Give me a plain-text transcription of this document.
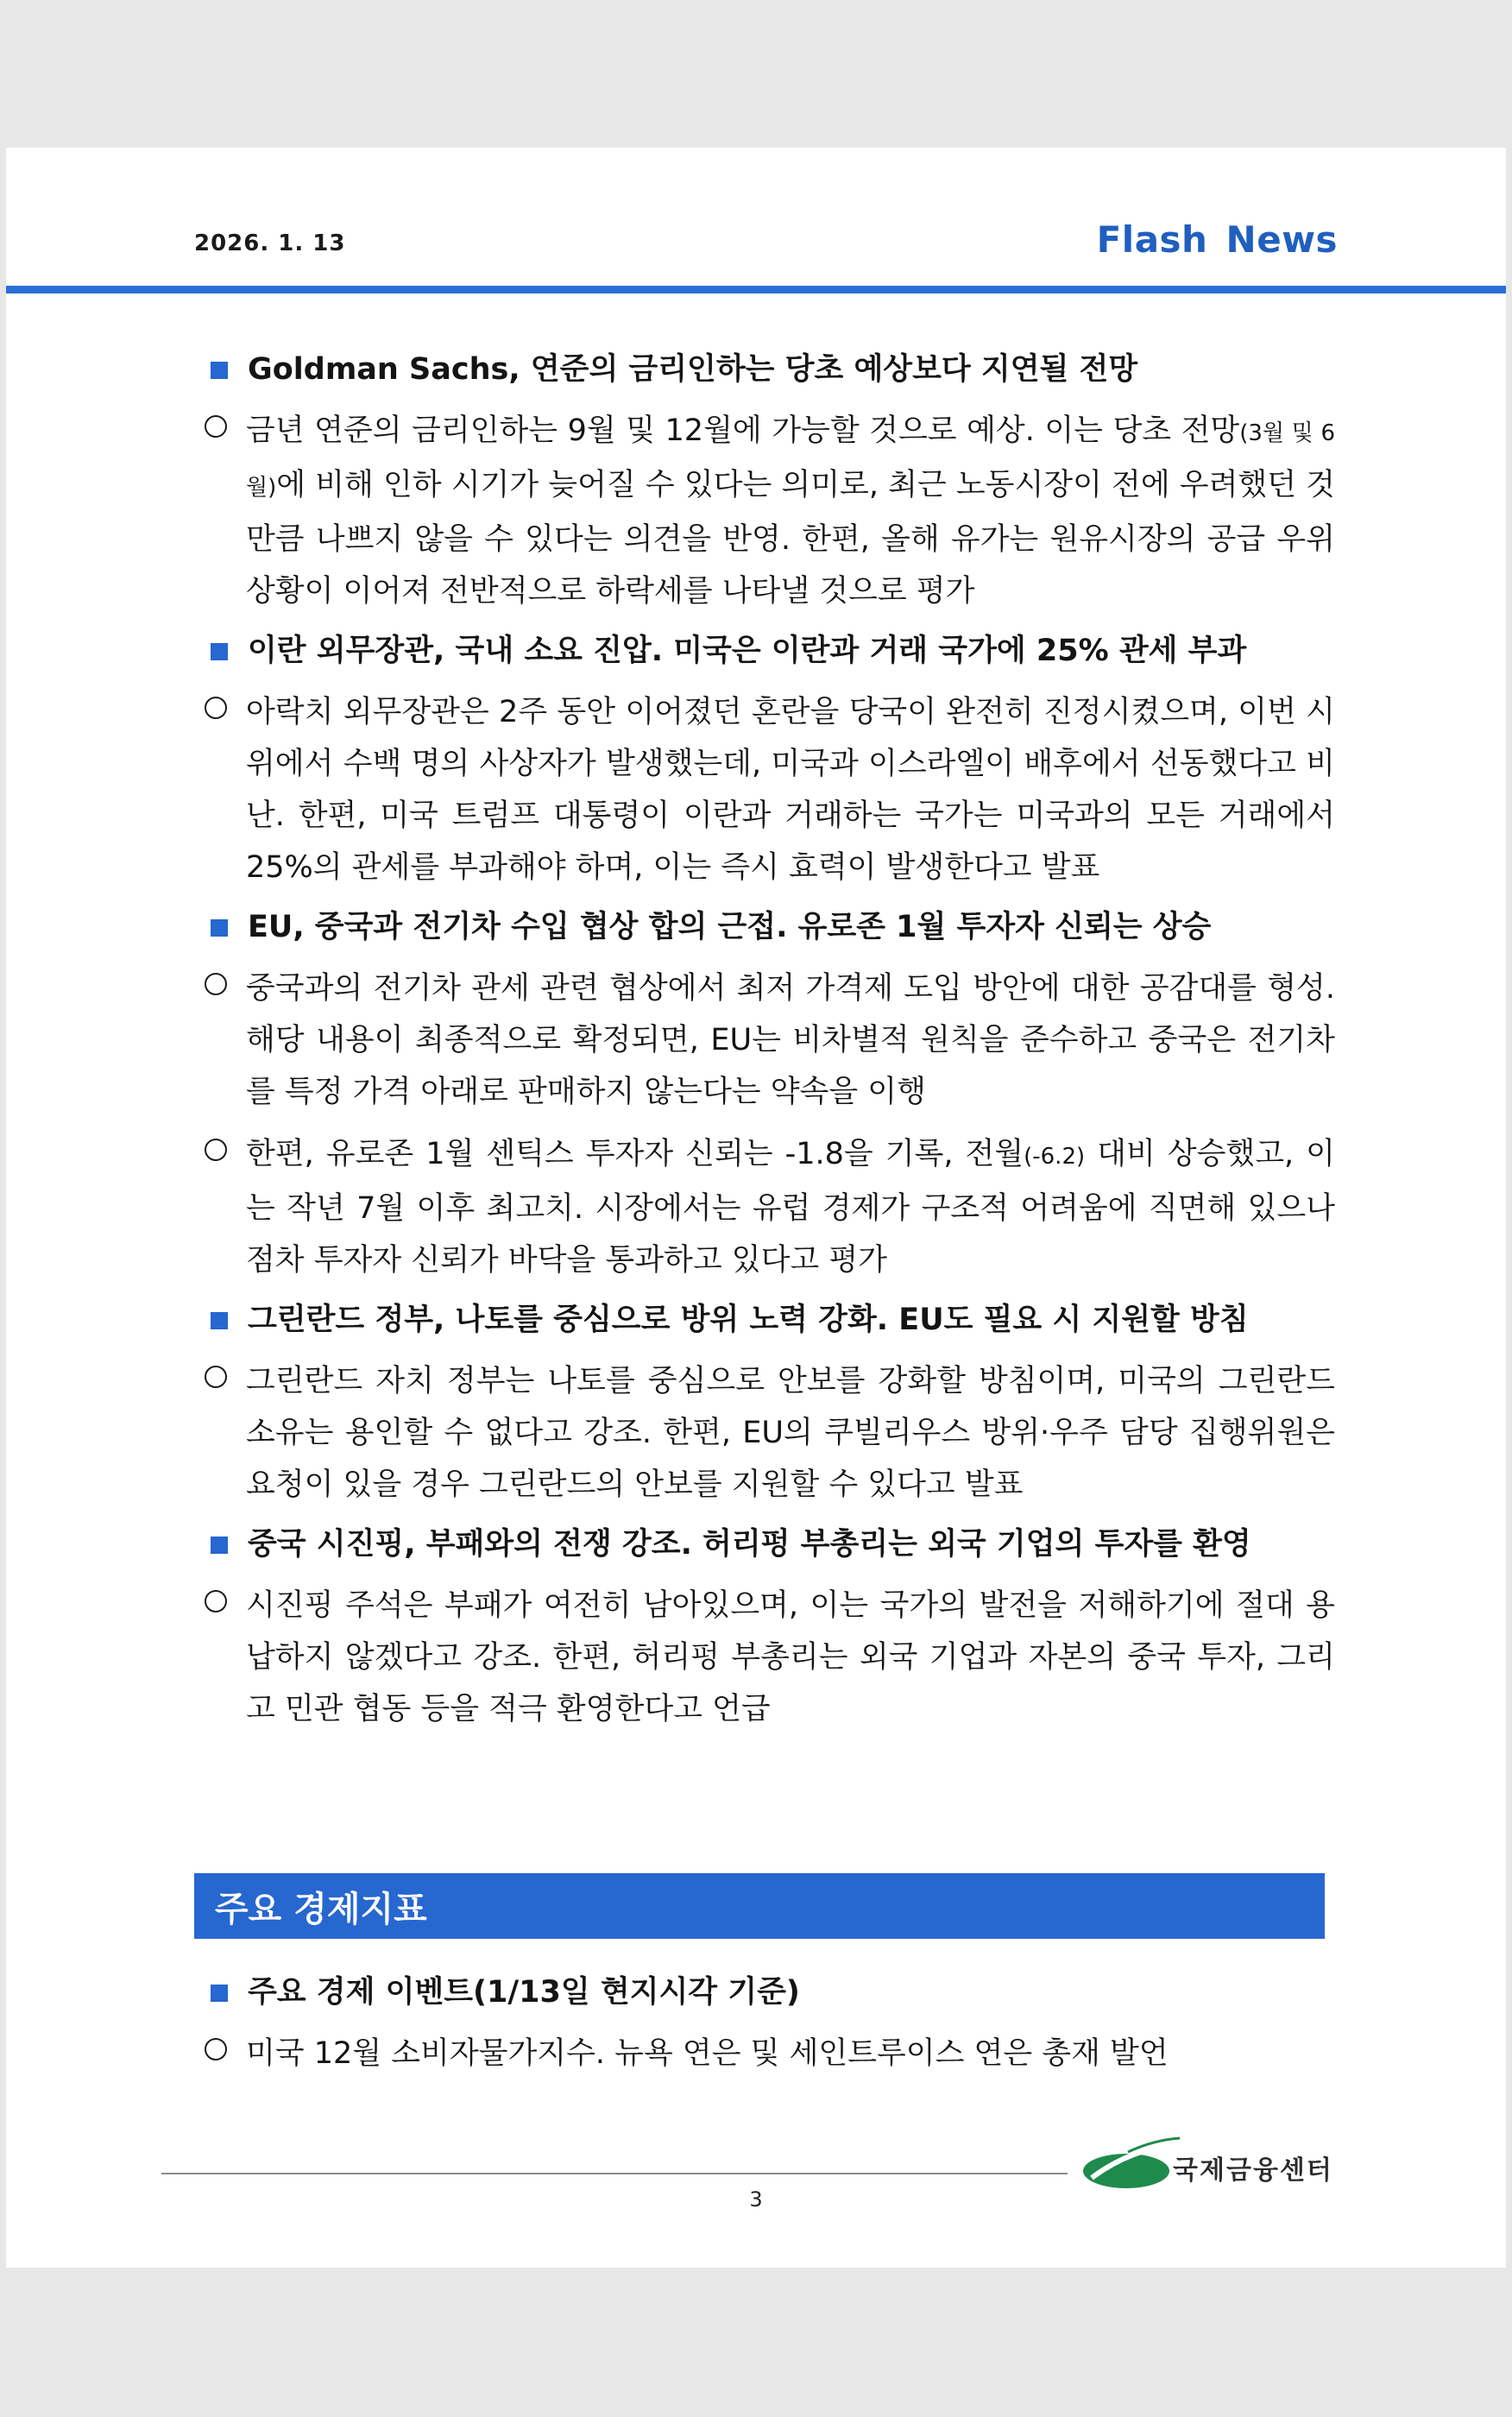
2026. 1. 13	Flash News
Goldman Sachs, 연준의 금리인하는 당초 예상보다 지연될 전망
금년 연준의 금리인하는 9월 및 12월에 가능할 것으로 예상. 이는 당초 전망(3월 및 6월)에 비해 인하 시기가 늦어질 수 있다는 의미로, 최근 노동시장이 전에 우려했던 것만큼 나쁘지 않을 수 있다는 의견을 반영. 한편, 올해 유가는 원유시장의 공급 우위 상황이 이어져 전반적으로 하락세를 나타낼 것으로 평가
이란 외무장관, 국내 소요 진압. 미국은 이란과 거래 국가에 25% 관세 부과
아락치 외무장관은 2주 동안 이어졌던 혼란을 당국이 완전히 진정시켰으며, 이번 시위에서 수백 명의 사상자가 발생했는데, 미국과 이스라엘이 배후에서 선동했다고 비난. 한편, 미국 트럼프 대통령이 이란과 거래하는 국가는 미국과의 모든 거래에서 25%의 관세를 부과해야 하며, 이는 즉시 효력이 발생한다고 발표
EU, 중국과 전기차 수입 협상 합의 근접. 유로존 1월 투자자 신뢰는 상승
중국과의 전기차 관세 관련 협상에서 최저 가격제 도입 방안에 대한 공감대를 형성. 해당 내용이 최종적으로 확정되면, EU는 비차별적 원칙을 준수하고 중국은 전기차를 특정 가격 아래로 판매하지 않는다는 약속을 이행
한편, 유로존 1월 센틱스 투자자 신뢰는 -1.8을 기록, 전월(-6.2) 대비 상승했고, 이는 작년 7월 이후 최고치. 시장에서는 유럽 경제가 구조적 어려움에 직면해 있으나 점차 투자자 신뢰가 바닥을 통과하고 있다고 평가
그린란드 정부, 나토를 중심으로 방위 노력 강화. EU도 필요 시 지원할 방침
그린란드 자치 정부는 나토를 중심으로 안보를 강화할 방침이며, 미국의 그린란드 소유는 용인할 수 없다고 강조. 한편, EU의 쿠빌리우스 방위·우주 담당 집행위원은 요청이 있을 경우 그린란드의 안보를 지원할 수 있다고 발표
중국 시진핑, 부패와의 전쟁 강조. 허리펑 부총리는 외국 기업의 투자를 환영
시진핑 주석은 부패가 여전히 남아있으며, 이는 국가의 발전을 저해하기에 절대 용납하지 않겠다고 강조. 한편, 허리펑 부총리는 외국 기업과 자본의 중국 투자, 그리고 민관 협동 등을 적극 환영한다고 언급
주요 경제지표
주요 경제 이벤트(1/13일 현지시각 기준)
미국 12월 소비자물가지수. 뉴욕 연은 및 세인트루이스 연은 총재 발언
국제금융센터
3
